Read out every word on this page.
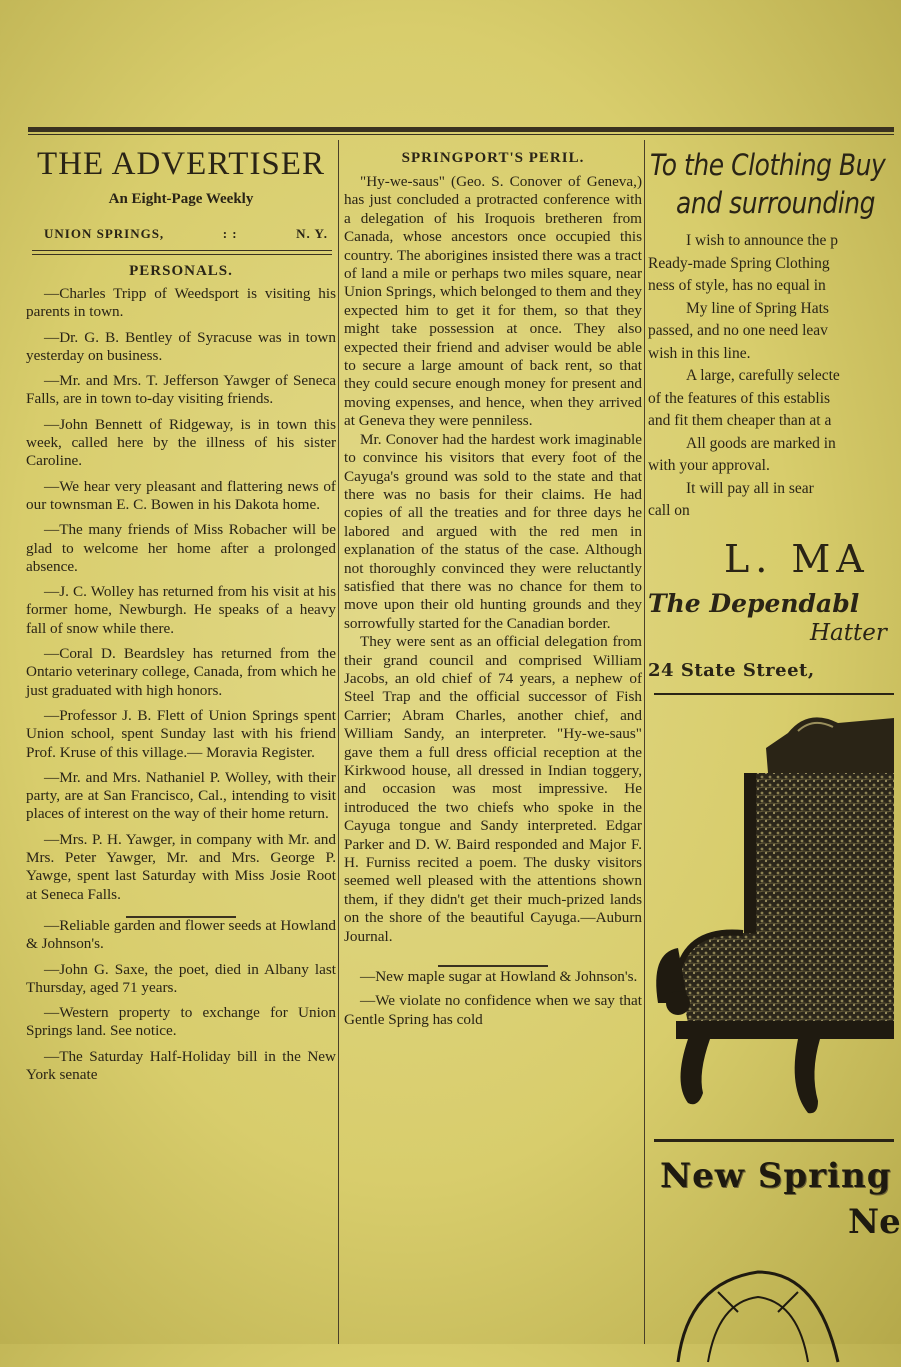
THE ADVERTISER
An Eight-Page Weekly
UNION SPRINGS,	: :	N. Y.
PERSONALS.

—Charles Tripp of Weedsport is visiting his parents in town.

—Dr. G. B. Bentley of Syracuse was in town yesterday on business.

—Mr. and Mrs. T. Jefferson Yawger of Seneca Falls, are in town to-day visiting friends.

—John Bennett of Ridgeway, is in town this week, called here by the illness of his sister Caroline.

—We hear very pleasant and flattering news of our townsman E. C. Bowen in his Dakota home.

—The many friends of Miss Robacher will be glad to welcome her home after a prolonged absence.

—J. C. Wolley has returned from his visit at his former home, Newburgh. He speaks of a heavy fall of snow while there.

—Coral D. Beardsley has returned from the Ontario veterinary college, Canada, from which he just graduated with high honors.

—Professor J. B. Flett of Union Springs spent Union school, spent Sunday last with his friend Prof. Kruse of this village.— Moravia Register.

—Mr. and Mrs. Nathaniel P. Wolley, with their party, are at San Francisco, Cal., intending to visit places of interest on the way of their home return.

—Mrs. P. H. Yawger, in company with Mr. and Mrs. Peter Yawger, Mr. and Mrs. George P. Yawge, spent last Saturday with Miss Josie Root at Seneca Falls.

—Reliable garden and flower seeds at Howland & Johnson's.

—John G. Saxe, the poet, died in Albany last Thursday, aged 71 years.

—Western property to exchange for Union Springs land. See notice.

—The Saturday Half-Holiday bill in the New York senate

SPRINGPORT'S PERIL.

"Hy-we-saus" (Geo. S. Conover of Geneva,) has just concluded a protracted conference with a delegation of his Iroquois bretheren from Canada, whose ancestors once occupied this country. The aborigines insisted there was a tract of land a mile or perhaps two miles square, near Union Springs, which belonged to them and they expected him to get it for them, so that they might take possession at once. They also expected their friend and adviser would be able to secure a large amount of back rent, so that they could secure enough money for present and moving expenses, and hence, when they arrived at Geneva they were penniless.

Mr. Conover had the hardest work imaginable to convince his visitors that every foot of the Cayuga's ground was sold to the state and that there was no basis for their claims. He had copies of all the treaties and for three days he labored and argued with the red men in explanation of the status of the case. Although not thoroughly convinced they were reluctantly satisfied that there was no chance for them to move upon their old hunting grounds and they sorrowfully started for the Canadian border.

They were sent as an official delegation from their grand council and comprised William Jacobs, an old chief of 74 years, a nephew of Steel Trap and the official successor of Fish Carrier; Abram Charles, another chief, and William Sandy, an interpreter. "Hy-we-saus" gave them a full dress official reception at the Kirkwood house, all dressed in Indian toggery, and occasion was most impressive. He introduced the two chiefs who spoke in the Cayuga tongue and Sandy interpreted. Edgar Parker and D. W. Baird responded and Major F. H. Furniss recited a poem. The dusky visitors seemed well pleased with the attentions shown them, if they didn't get their much-prized lands on the shore of the beautiful Cayuga.—Auburn Journal.

—New maple sugar at Howland & Johnson's.

—We violate no confidence when we say that Gentle Spring has cold

To the Clothing Buy
and surrounding

I wish to announce the p

Ready-made Spring Clothing

ness of style, has no equal in

My line of Spring Hats

passed, and no one need leav

wish in this line.

A large, carefully selecte

of the features of this establis

and fit them cheaper than at a

All goods are marked in

with your approval.

It will pay all in sear

call on

L. MA
The Dependabl
Hatter
24 State Street,
New Spring
Ne
